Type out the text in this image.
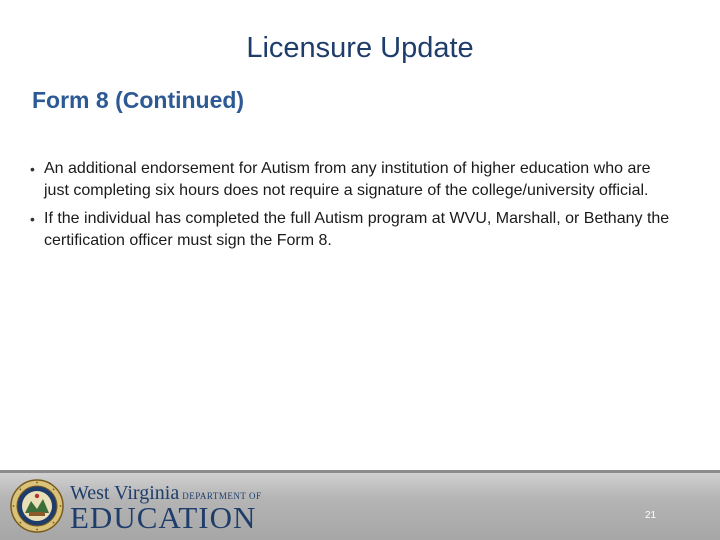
Licensure Update
Form 8 (Continued)
• An additional endorsement for Autism from any institution of higher education who are just completing six hours does not require a signature of the college/university official.
• If the individual has completed the full Autism program at WVU, Marshall, or Bethany the certification officer must sign the Form 8.
West Virginia DEPARTMENT OF
EDUCATION	21
